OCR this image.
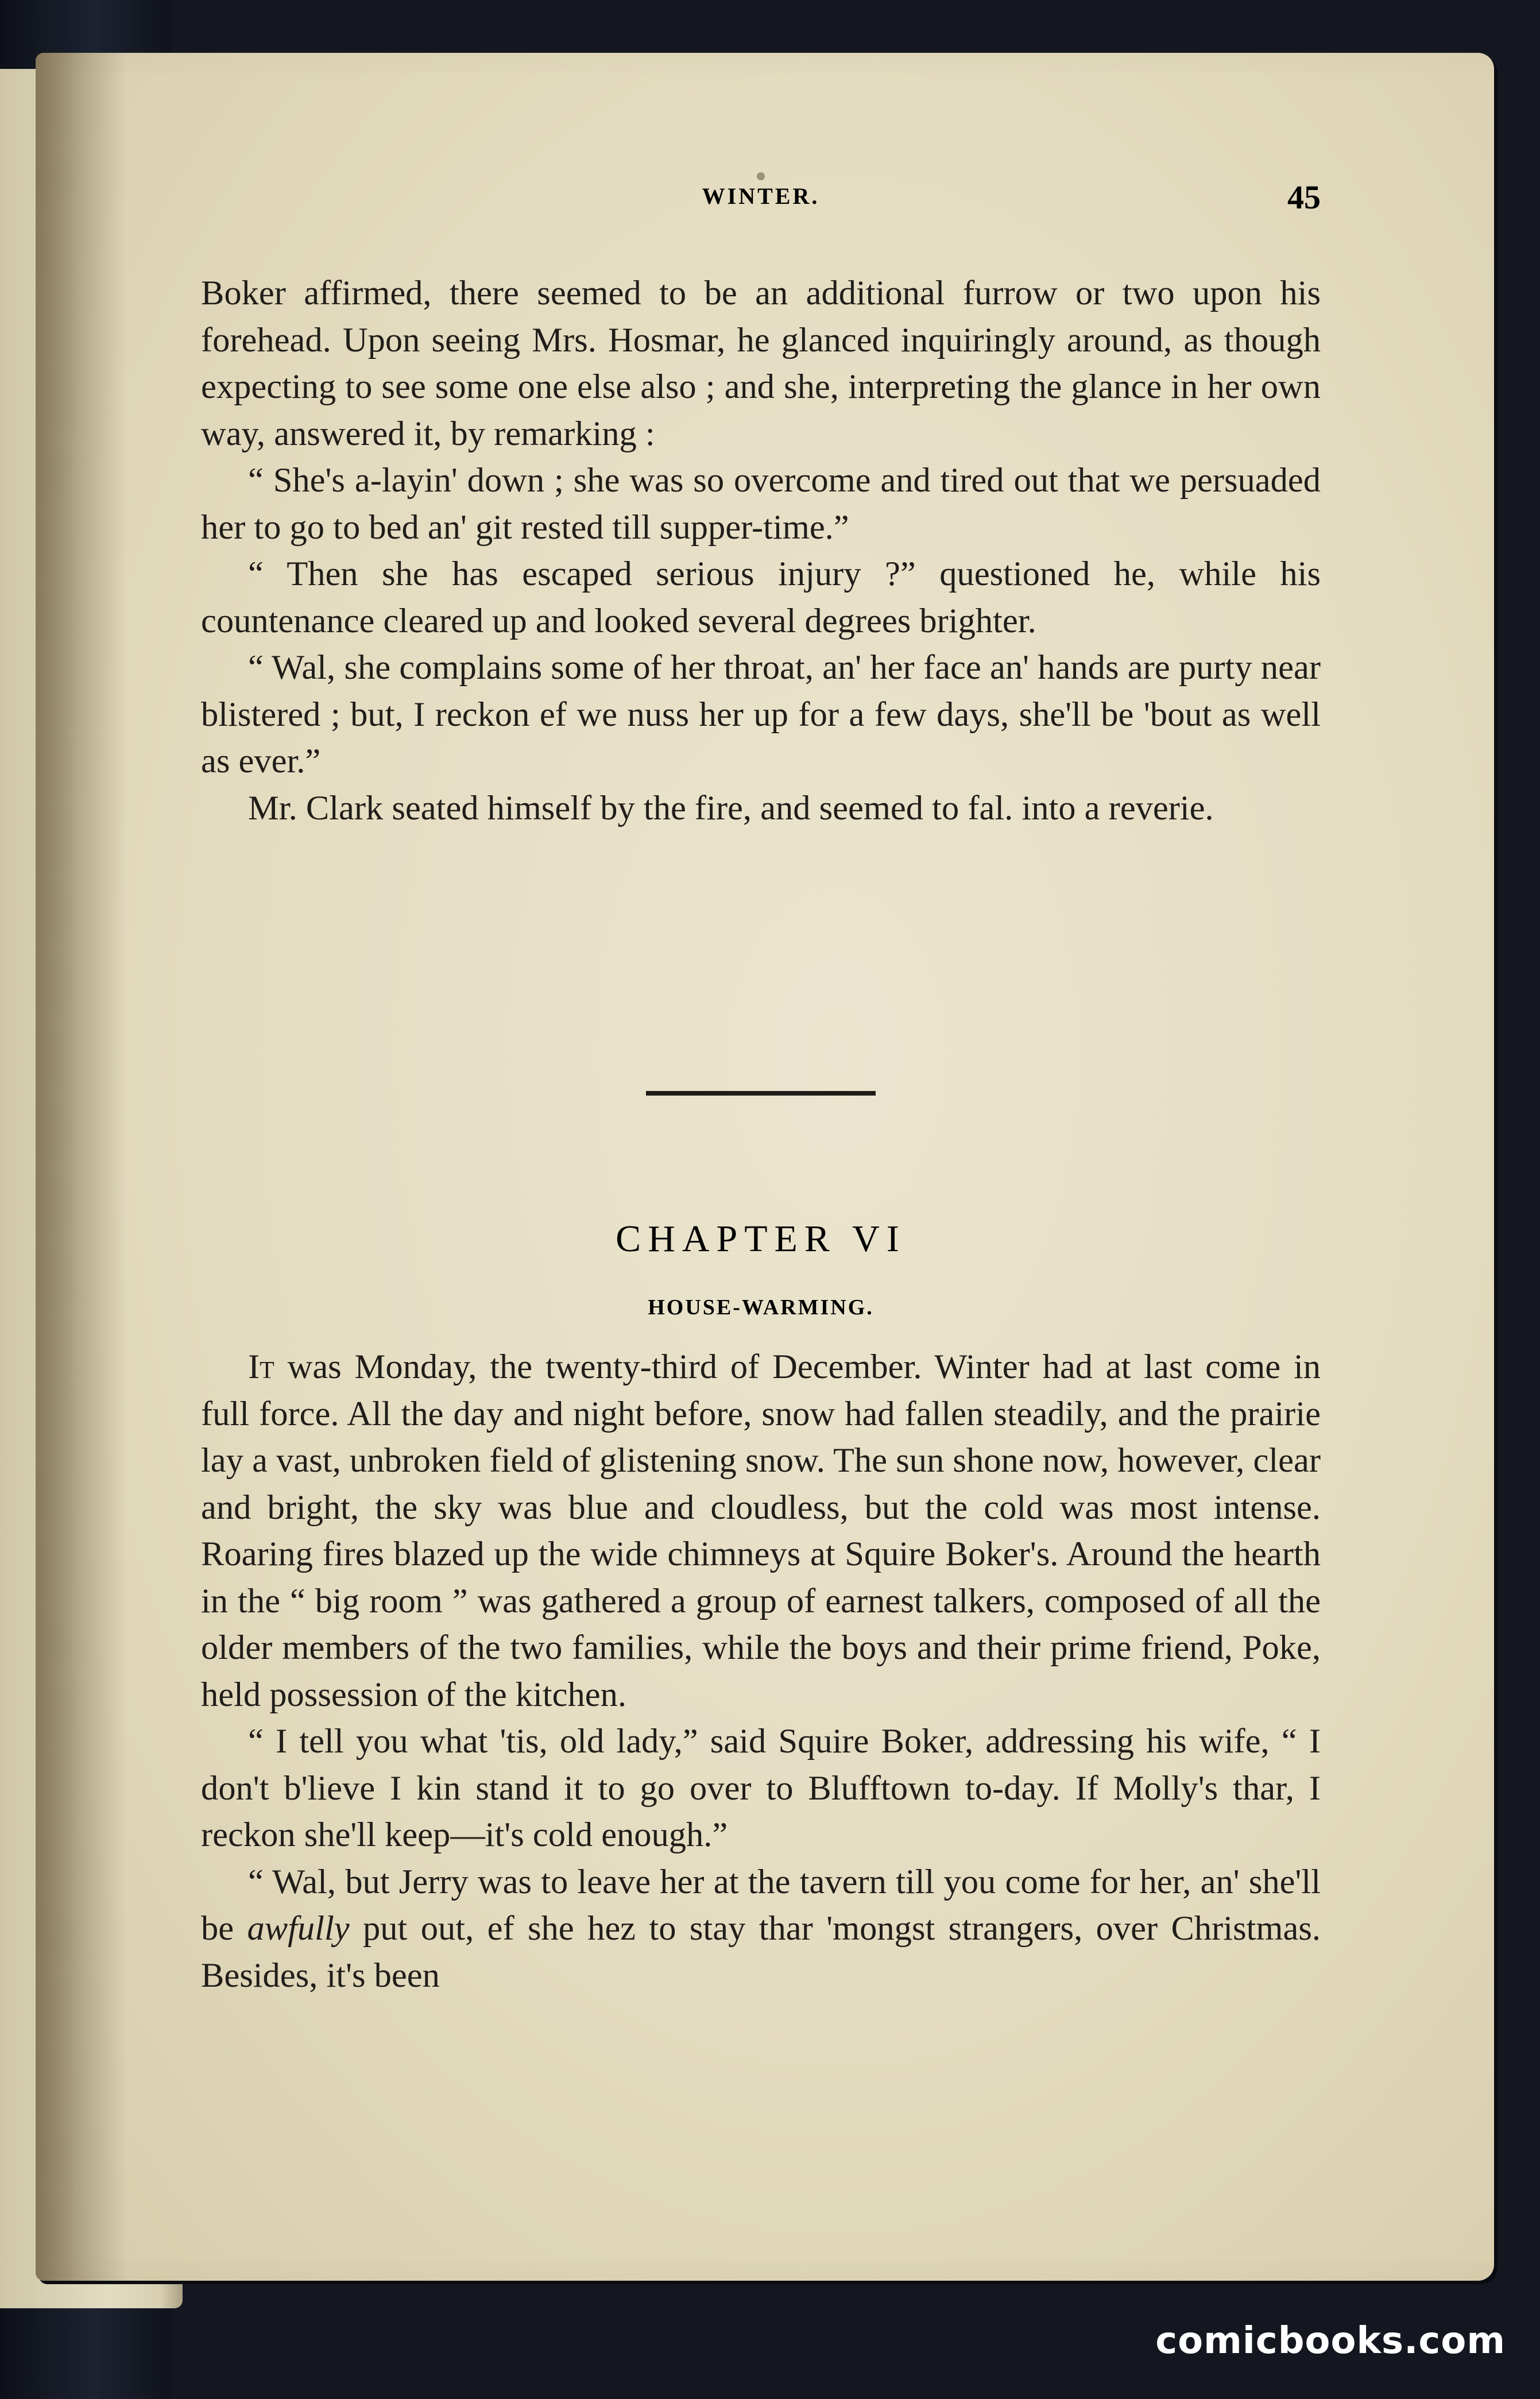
WINTER.	45

Boker affirmed, there seemed to be an additional furrow or two upon his forehead. Upon seeing Mrs. Hosmar, he glanced inquiringly around, as though expecting to see some one else also ; and she, interpreting the glance in her own way, answered it, by remarking :

“ She's a-layin' down ; she was so overcome and tired out that we persuaded her to go to bed an' git rested till supper-time.”

“ Then she has escaped serious injury ?” questioned he, while his countenance cleared up and looked several degrees brighter.

“ Wal, she complains some of her throat, an' her face an' hands are purty near blistered ; but, I reckon ef we nuss her up for a few days, she'll be 'bout as well as ever.”

Mr. Clark seated himself by the fire, and seemed to fal. into a reverie.

CHAPTER VI
HOUSE-WARMING.

It was Monday, the twenty-third of December. Winter had at last come in full force. All the day and night before, snow had fallen steadily, and the prairie lay a vast, unbroken field of glistening snow. The sun shone now, however, clear and bright, the sky was blue and cloudless, but the cold was most intense. Roaring fires blazed up the wide chimneys at Squire Boker's. Around the hearth in the “ big room ” was gathered a group of earnest talkers, composed of all the older members of the two families, while the boys and their prime friend, Poke, held possession of the kitchen.

“ I tell you what 'tis, old lady,” said Squire Boker, addressing his wife, “ I don't b'lieve I kin stand it to go over to Blufftown to-day. If Molly's thar, I reckon she'll keep—it's cold enough.”

“ Wal, but Jerry was to leave her at the tavern till you come for her, an' she'll be awfully put out, ef she hez to stay thar 'mongst strangers, over Christmas. Besides, it's been

comicbooks.com
